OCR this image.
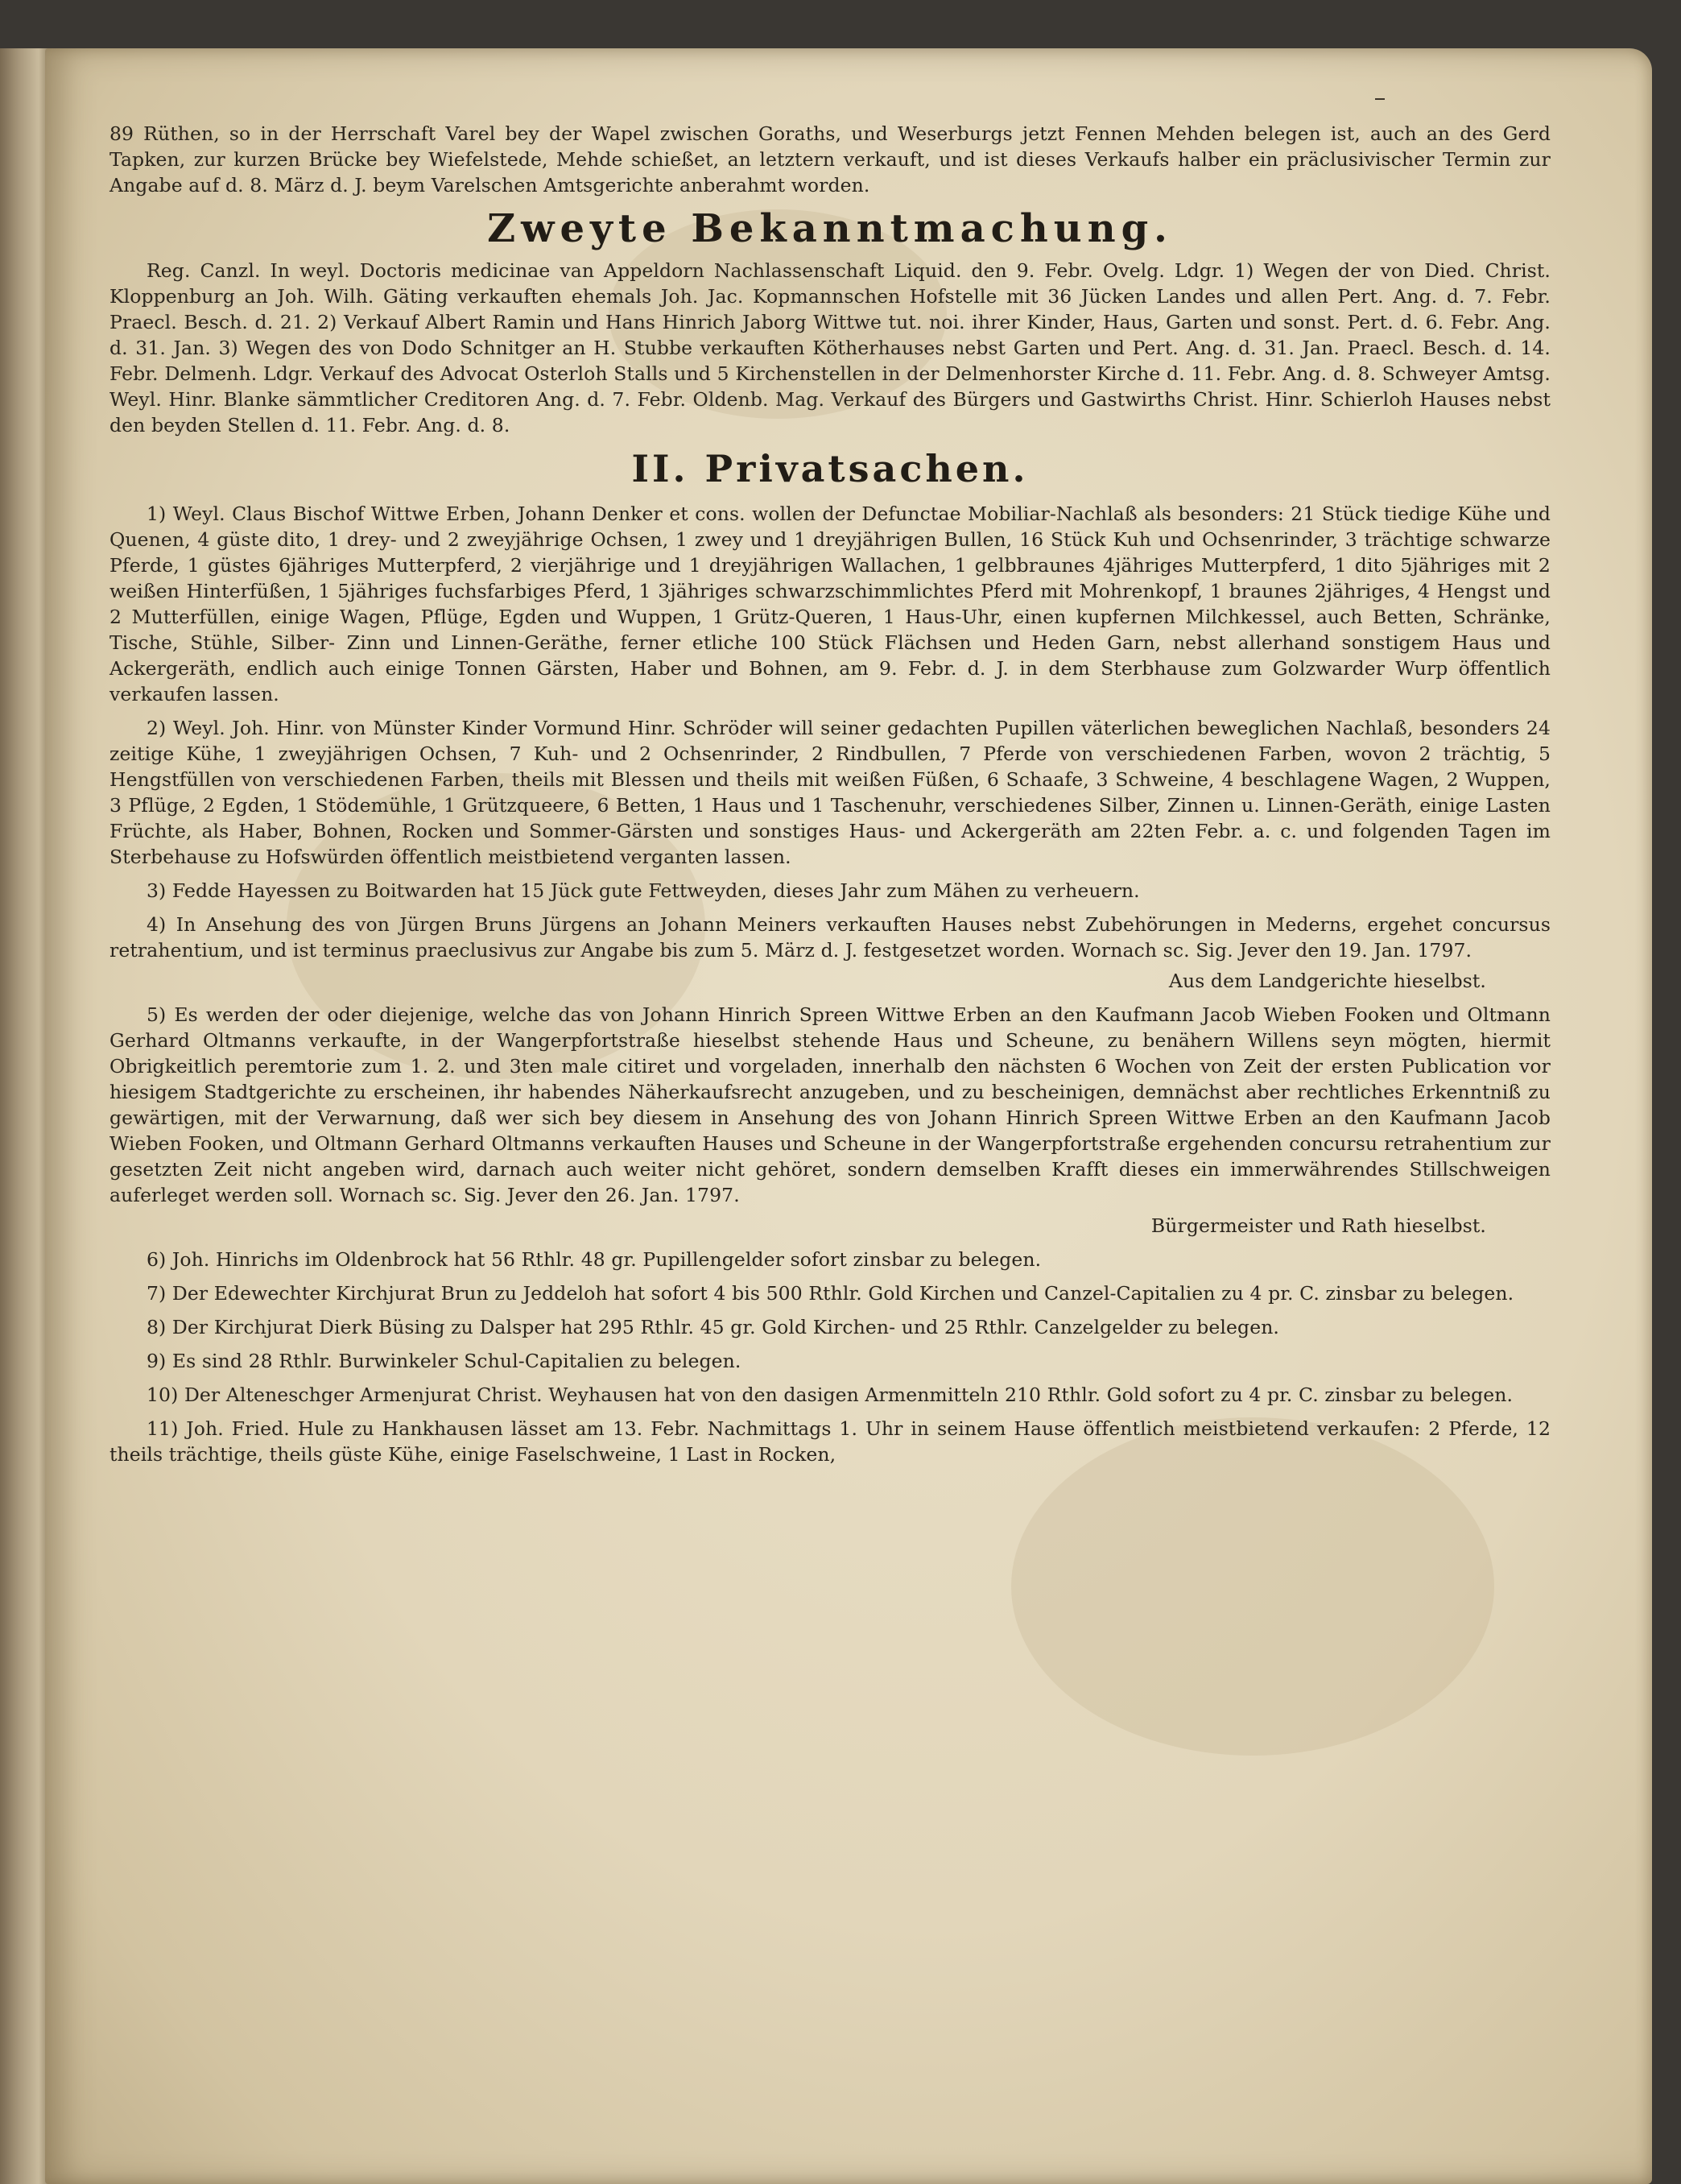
89 Rüthen, so in der Herrschaft Varel bey der Wapel zwischen Goraths, und Weserburgs jetzt Fennen Mehden belegen ist, auch an des Gerd Tapken, zur kurzen Brücke bey Wiefelstede, Mehde schießet, an letztern verkauft, und ist dieses Verkaufs halber ein präclusivischer Termin zur Angabe auf d. 8. März d. J. beym Varelschen Amtsgerichte anberahmt worden.

Zweyte Bekanntmachung.

Reg. Canzl. In weyl. Doctoris medicinae van Appeldorn Nachlassenschaft Liquid. den 9. Febr. Ovelg. Ldgr. 1) Wegen der von Died. Christ. Kloppenburg an Joh. Wilh. Gäting verkauften ehemals Joh. Jac. Kopmannschen Hofstelle mit 36 Jücken Landes und allen Pert. Ang. d. 7. Febr. Praecl. Besch. d. 21. 2) Verkauf Albert Ramin und Hans Hinrich Jaborg Wittwe tut. noi. ihrer Kinder, Haus, Garten und sonst. Pert. d. 6. Febr. Ang. d. 31. Jan. 3) Wegen des von Dodo Schnitger an H. Stubbe verkauften Kötherhauses nebst Garten und Pert. Ang. d. 31. Jan. Praecl. Besch. d. 14. Febr. Delmenh. Ldgr. Verkauf des Advocat Osterloh Stalls und 5 Kirchenstellen in der Delmenhorster Kirche d. 11. Febr. Ang. d. 8. Schweyer Amtsg. Weyl. Hinr. Blanke sämmtlicher Creditoren Ang. d. 7. Febr. Oldenb. Mag. Verkauf des Bürgers und Gastwirths Christ. Hinr. Schierloh Hauses nebst den beyden Stellen d. 11. Febr. Ang. d. 8.

II. Privatsachen.

1) Weyl. Claus Bischof Wittwe Erben, Johann Denker et cons. wollen der Defunctae Mobiliar-Nachlaß als besonders: 21 Stück tiedige Kühe und Quenen, 4 güste dito, 1 drey- und 2 zweyjährige Ochsen, 1 zwey und 1 dreyjährigen Bullen, 16 Stück Kuh und Ochsenrinder, 3 trächtige schwarze Pferde, 1 güstes 6jähriges Mutterpferd, 2 vierjährige und 1 dreyjährigen Wallachen, 1 gelbbraunes 4jähriges Mutterpferd, 1 dito 5jähriges mit 2 weißen Hinterfüßen, 1 5jähriges fuchsfarbiges Pferd, 1 3jähriges schwarzschimmlichtes Pferd mit Mohrenkopf, 1 braunes 2jähriges, 4 Hengst und 2 Mutterfüllen, einige Wagen, Pflüge, Egden und Wuppen, 1 Grütz-Queren, 1 Haus-Uhr, einen kupfernen Milchkessel, auch Betten, Schränke, Tische, Stühle, Silber- Zinn und Linnen-Geräthe, ferner etliche 100 Stück Flächsen und Heden Garn, nebst allerhand sonstigem Haus und Ackergeräth, endlich auch einige Tonnen Gärsten, Haber und Bohnen, am 9. Febr. d. J. in dem Sterbhause zum Golzwarder Wurp öffentlich verkaufen lassen.

2) Weyl. Joh. Hinr. von Münster Kinder Vormund Hinr. Schröder will seiner gedachten Pupillen väterlichen beweglichen Nachlaß, besonders 24 zeitige Kühe, 1 zweyjährigen Ochsen, 7 Kuh- und 2 Ochsenrinder, 2 Rindbullen, 7 Pferde von verschiedenen Farben, wovon 2 trächtig, 5 Hengstfüllen von verschiedenen Farben, theils mit Blessen und theils mit weißen Füßen, 6 Schaafe, 3 Schweine, 4 beschlagene Wagen, 2 Wuppen, 3 Pflüge, 2 Egden, 1 Stödemühle, 1 Grützqueere, 6 Betten, 1 Haus und 1 Taschenuhr, verschiedenes Silber, Zinnen u. Linnen-Geräth, einige Lasten Früchte, als Haber, Bohnen, Rocken und Sommer-Gärsten und sonstiges Haus- und Ackergeräth am 22ten Febr. a. c. und folgenden Tagen im Sterbehause zu Hofswürden öffentlich meistbietend verganten lassen.

3) Fedde Hayessen zu Boitwarden hat 15 Jück gute Fettweyden, dieses Jahr zum Mähen zu verheuern.

4) In Ansehung des von Jürgen Bruns Jürgens an Johann Meiners verkauften Hauses nebst Zubehörungen in Mederns, ergehet concursus retrahentium, und ist terminus praeclusivus zur Angabe bis zum 5. März d. J. festgesetzet worden. Wornach sc. Sig. Jever den 19. Jan. 1797.

Aus dem Landgerichte hieselbst.

5) Es werden der oder diejenige, welche das von Johann Hinrich Spreen Wittwe Erben an den Kaufmann Jacob Wieben Fooken und Oltmann Gerhard Oltmanns verkaufte, in der Wangerpfortstraße hieselbst stehende Haus und Scheune, zu benähern Willens seyn mögten, hiermit Obrigkeitlich peremtorie zum 1. 2. und 3ten male citiret und vorgeladen, innerhalb den nächsten 6 Wochen von Zeit der ersten Publication vor hiesigem Stadtgerichte zu erscheinen, ihr habendes Näherkaufsrecht anzugeben, und zu bescheinigen, demnächst aber rechtliches Erkenntniß zu gewärtigen, mit der Verwarnung, daß wer sich bey diesem in Ansehung des von Johann Hinrich Spreen Wittwe Erben an den Kaufmann Jacob Wieben Fooken, und Oltmann Gerhard Oltmanns verkauften Hauses und Scheune in der Wangerpfortstraße ergehenden concursu retrahentium zur gesetzten Zeit nicht angeben wird, darnach auch weiter nicht gehöret, sondern demselben Krafft dieses ein immerwährendes Stillschweigen auferleget werden soll. Wornach sc. Sig. Jever den 26. Jan. 1797.

Bürgermeister und Rath hieselbst.

6) Joh. Hinrichs im Oldenbrock hat 56 Rthlr. 48 gr. Pupillengelder sofort zinsbar zu belegen.

7) Der Edewechter Kirchjurat Brun zu Jeddeloh hat sofort 4 bis 500 Rthlr. Gold Kirchen und Canzel-Capitalien zu 4 pr. C. zinsbar zu belegen.

8) Der Kirchjurat Dierk Büsing zu Dalsper hat 295 Rthlr. 45 gr. Gold Kirchen- und 25 Rthlr. Canzelgelder zu belegen.

9) Es sind 28 Rthlr. Burwinkeler Schul-Capitalien zu belegen.

10) Der Alteneschger Armenjurat Christ. Weyhausen hat von den dasigen Armenmitteln 210 Rthlr. Gold sofort zu 4 pr. C. zinsbar zu belegen.

11) Joh. Fried. Hule zu Hankhausen lässet am 13. Febr. Nachmittags 1. Uhr in seinem Hause öffentlich meistbietend verkaufen: 2 Pferde, 12 theils trächtige, theils güste Kühe, einige Faselschweine, 1 Last in Rocken,
